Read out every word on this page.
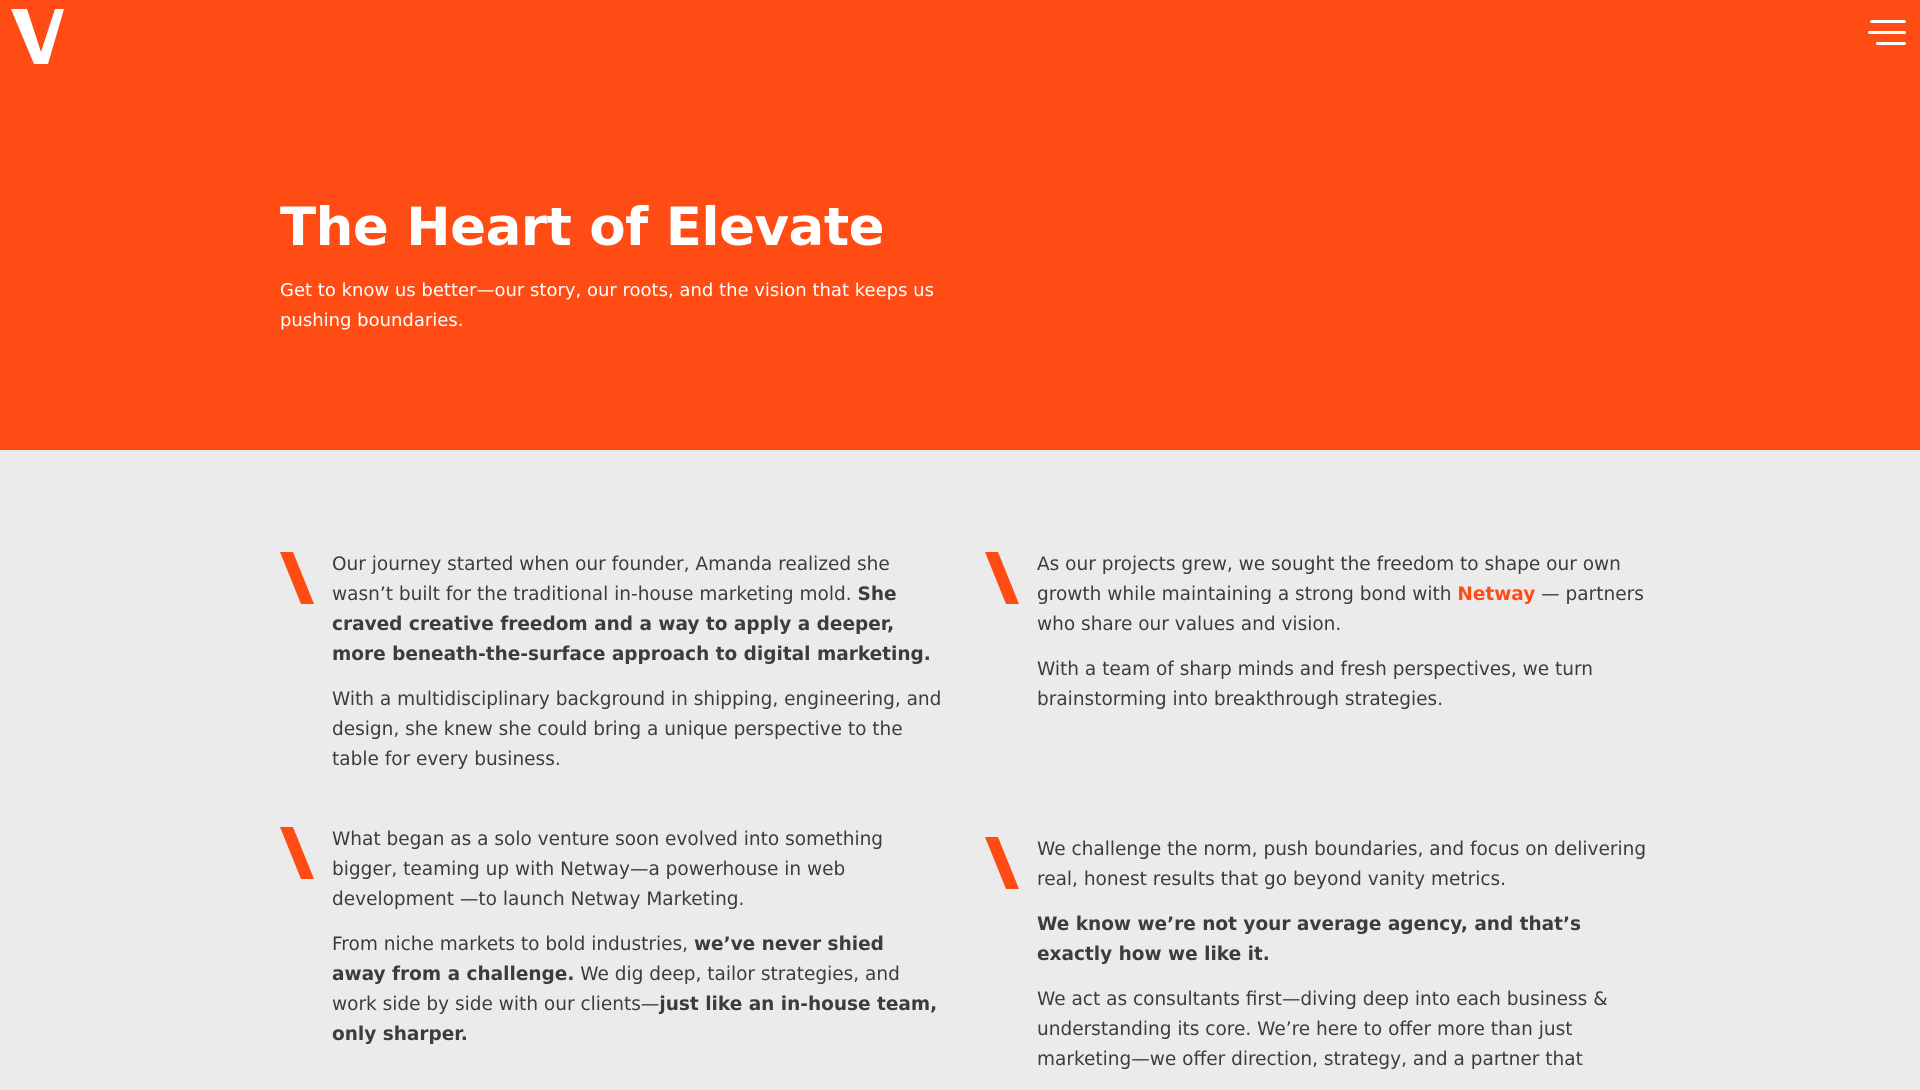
The Heart of Elevate

Get to know us better—our story, our roots, and the vision that keeps us pushing boundaries.

Our journey started when our founder, Amanda realized she wasn’t built for the traditional in-house marketing mold. She craved creative freedom and a way to apply a deeper, more beneath-the-surface approach to digital marketing.

With a multidisciplinary background in shipping, engineering, and design, she knew she could bring a unique perspective to the table for every business.

As our projects grew, we sought the freedom to shape our own growth while maintaining a strong bond with Netway — partners who share our values and vision.

With a team of sharp minds and fresh perspectives, we turn brainstorming into breakthrough strategies.

What began as a solo venture soon evolved into something bigger, teaming up with Netway—a powerhouse in web development —to launch Netway Marketing.

From niche markets to bold industries, we’ve never shied away from a challenge. We dig deep, tailor strategies, and work side by side with our clients—just like an in-house team, only sharper.

We challenge the norm, push boundaries, and focus on delivering real, honest results that go beyond vanity metrics.

We know we’re not your average agency, and that’s exactly how we like it.

We act as consultants first—diving deep into each business & understanding its core. We’re here to offer more than just marketing—we offer direction, strategy, and a partner that
